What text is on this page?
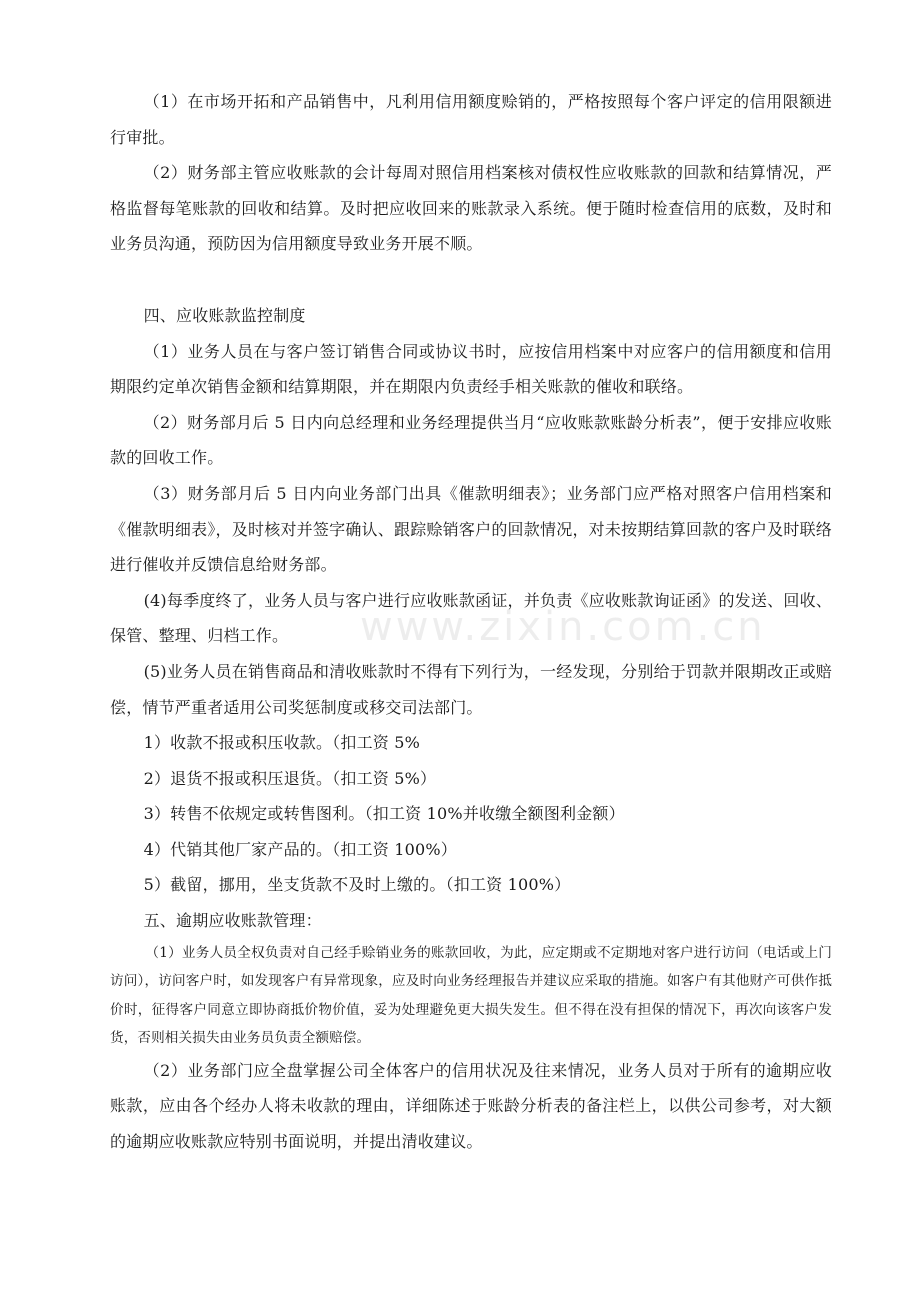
www.zixin.com.cn

（1）在市场开拓和产品销售中，凡利用信用额度赊销的，严格按照每个客户评定的信用限额进行审批。

（2）财务部主管应收账款的会计每周对照信用档案核对债权性应收账款的回款和结算情况，严格监督每笔账款的回收和结算。及时把应收回来的账款录入系统。便于随时检查信用的底数，及时和业务员沟通，预防因为信用额度导致业务开展不顺。

四、应收账款监控制度

（1）业务人员在与客户签订销售合同或协议书时，应按信用档案中对应客户的信用额度和信用期限约定单次销售金额和结算期限，并在期限内负责经手相关账款的催收和联络。

（2）财务部月后 5 日内向总经理和业务经理提供当月“应收账款账龄分析表”，便于安排应收账款的回收工作。

（3）财务部月后 5 日内向业务部门出具《催款明细表》；业务部门应严格对照客户信用档案和《催款明细表》，及时核对并签字确认、跟踪赊销客户的回款情况，对未按期结算回款的客户及时联络进行催收并反馈信息给财务部。

(4)每季度终了，业务人员与客户进行应收账款函证，并负责《应收账款询证函》的发送、回收、保管、整理、归档工作。

(5)业务人员在销售商品和清收账款时不得有下列行为，一经发现，分别给于罚款并限期改正或赔偿，情节严重者适用公司奖惩制度或移交司法部门。

1）收款不报或积压收款。（扣工资 5%

2）退货不报或积压退货。（扣工资 5%）

3）转售不依规定或转售图利。（扣工资 10%并收缴全额图利金额）

4）代销其他厂家产品的。（扣工资 100%）

5）截留，挪用，坐支货款不及时上缴的。（扣工资 100%）

五、逾期应收账款管理：

（1）业务人员全权负责对自己经手赊销业务的账款回收，为此，应定期或不定期地对客户进行访问（电话或上门访问），访问客户时，如发现客户有异常现象，应及时向业务经理报告并建议应采取的措施。如客户有其他财产可供作抵价时，征得客户同意立即协商抵价物价值，妥为处理避免更大损失发生。但不得在没有担保的情况下，再次向该客户发货，否则相关损失由业务员负责全额赔偿。

（2）业务部门应全盘掌握公司全体客户的信用状况及往来情况，业务人员对于所有的逾期应收账款，应由各个经办人将未收款的理由，详细陈述于账龄分析表的备注栏上，以供公司参考，对大额的逾期应收账款应特别书面说明，并提出清收建议。
